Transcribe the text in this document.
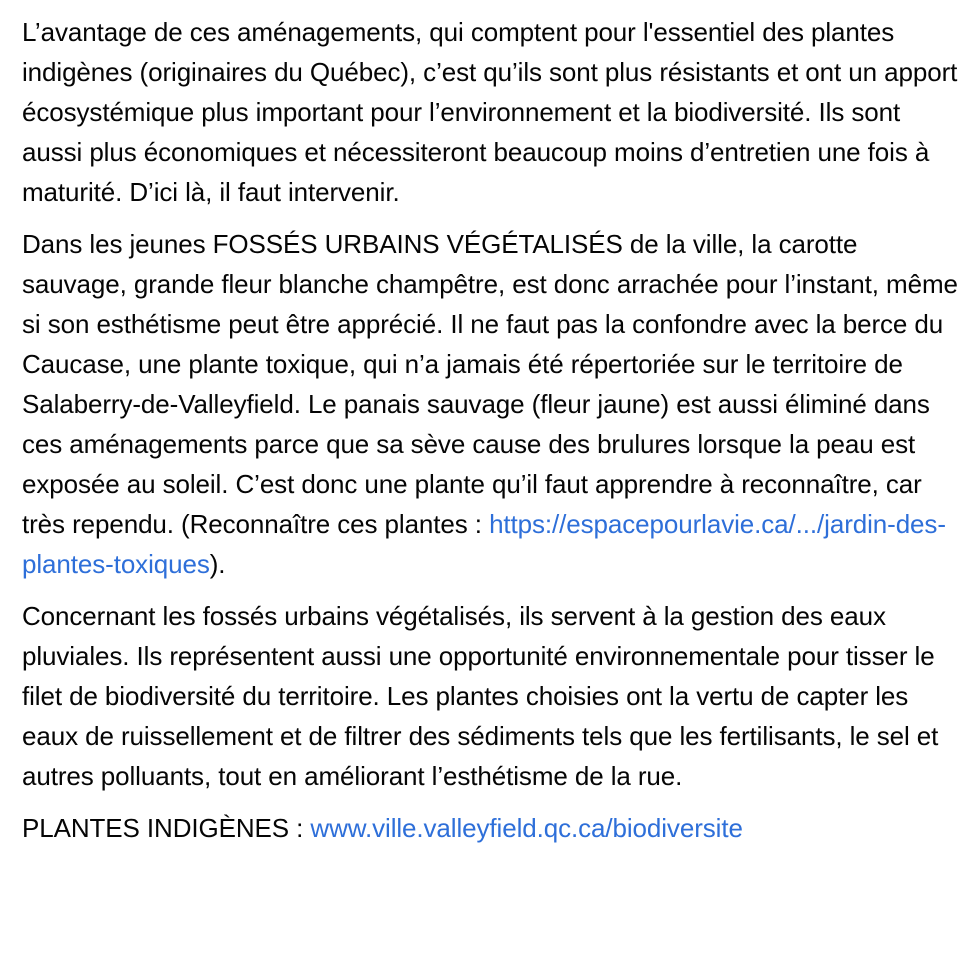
L’avantage de ces aménagements, qui comptent pour l'essentiel des plantes indigènes (originaires du Québec), c’est qu’ils sont plus résistants et ont un apport écosystémique plus important pour l’environnement et la biodiversité. Ils sont aussi plus économiques et nécessiteront beaucoup moins d’entretien une fois à maturité. D’ici là, il faut intervenir.

Dans les jeunes FOSSÉS URBAINS VÉGÉTALISÉS de la ville, la carotte sauvage, grande fleur blanche champêtre, est donc arrachée pour l’instant, même si son esthétisme peut être apprécié. Il ne faut pas la confondre avec la berce du Caucase, une plante toxique, qui n’a jamais été répertoriée sur le territoire de Salaberry-de-Valleyfield. Le panais sauvage (fleur jaune) est aussi éliminé dans ces aménagements parce que sa sève cause des brulures lorsque la peau est exposée au soleil. C’est donc une plante qu’il faut apprendre à reconnaître, car très rependu. (Reconnaître ces plantes : https://espacepourlavie.ca/.../jardin-des-plantes-toxiques).

Concernant les fossés urbains végétalisés, ils servent à la gestion des eaux pluviales. Ils représentent aussi une opportunité environnementale pour tisser le filet de biodiversité du territoire. Les plantes choisies ont la vertu de capter les eaux de ruissellement et de filtrer des sédiments tels que les fertilisants, le sel et autres polluants, tout en améliorant l’esthétisme de la rue.

PLANTES INDIGÈNES : www.ville.valleyfield.qc.ca/biodiversite
